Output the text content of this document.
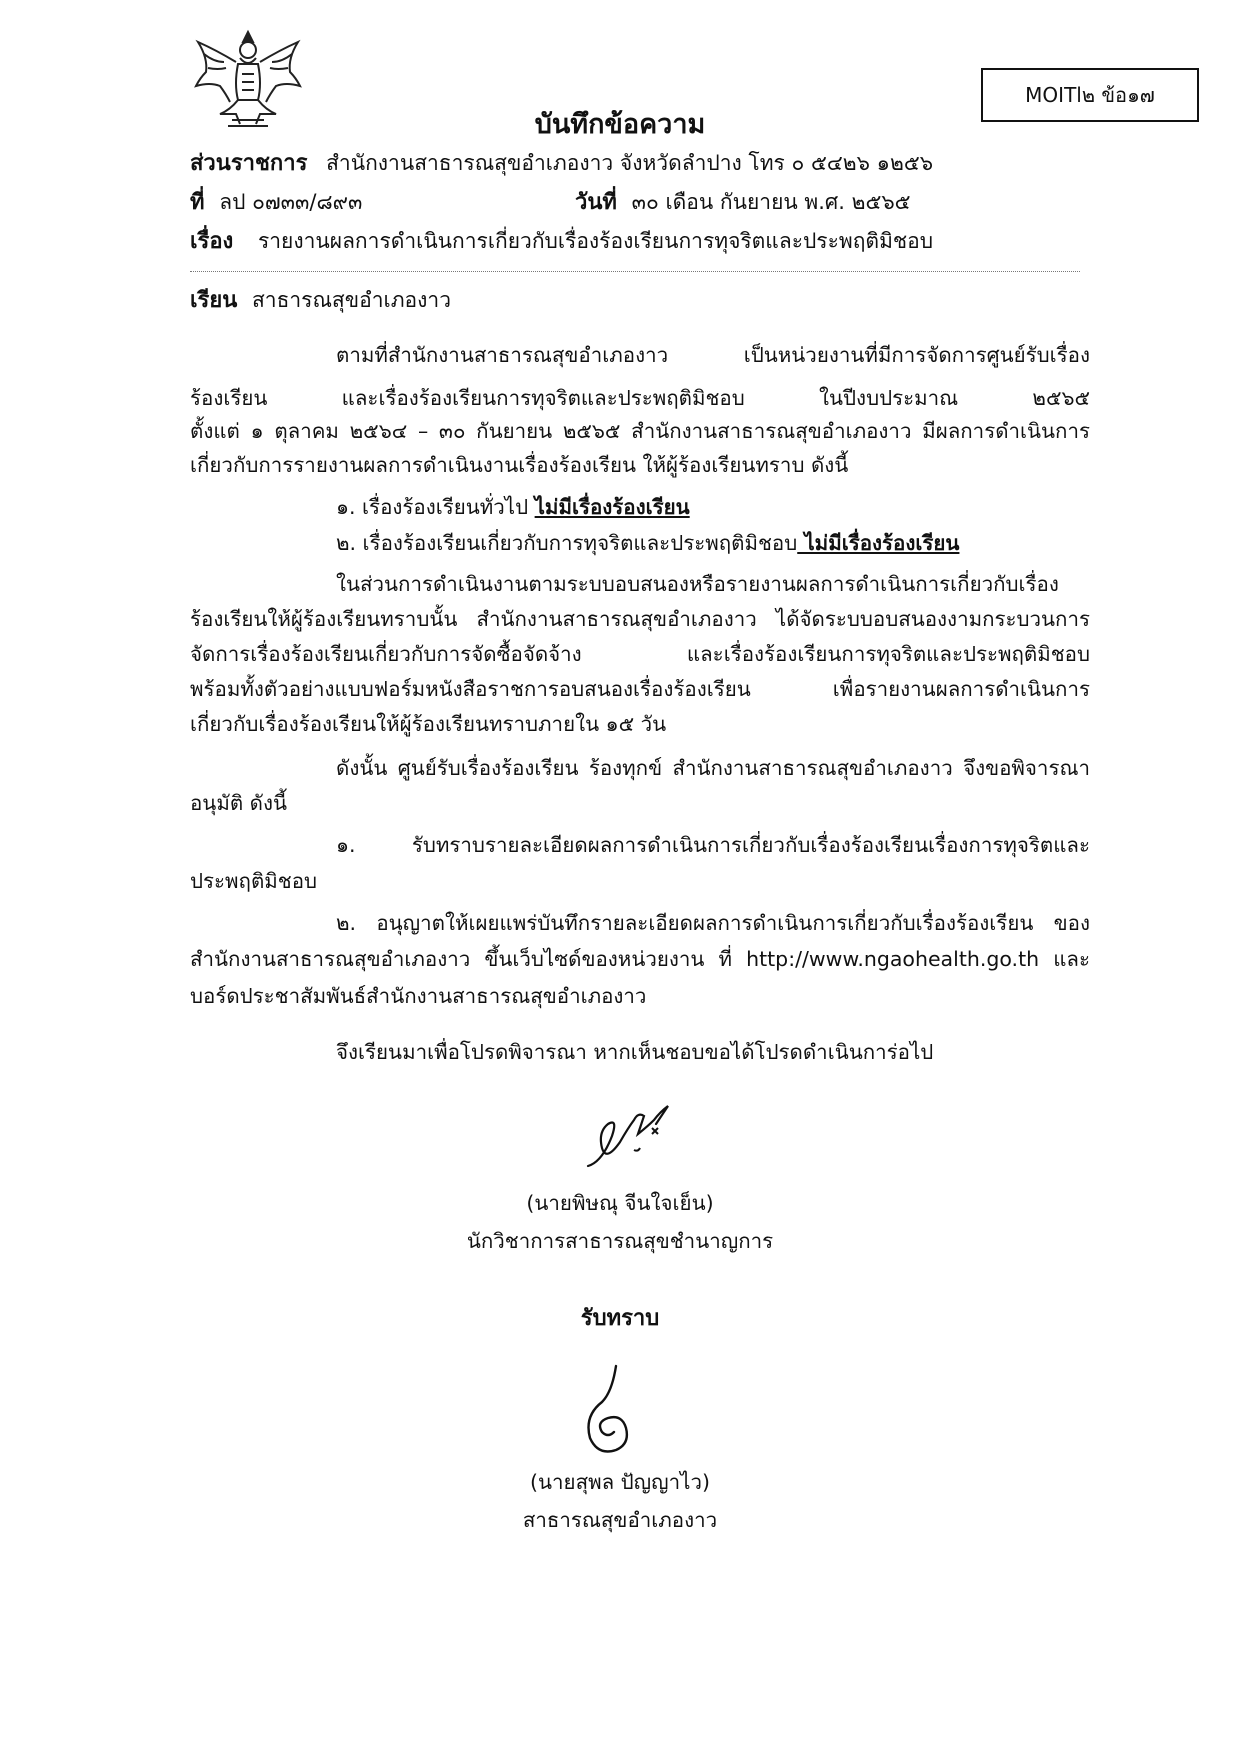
MOITl๒ ข้อ๑๗
บันทึกข้อความ
ส่วนราชการ สำนักงานสาธารณสุขอำเภองาว จังหวัดลำปาง โทร ๐ ๕๔๒๖ ๑๒๕๖
ที่ ลป ๐๗๓๓/๘๙๓	วันที่ ๓๐ เดือน กันยายน พ.ศ. ๒๕๖๕
เรื่อง รายงานผลการดำเนินการเกี่ยวกับเรื่องร้องเรียนการทุจริตและประพฤติมิชอบ
เรียน สาธารณสุขอำเภองาว
ตามที่สำนักงานสาธารณสุขอำเภองาว เป็นหน่วยงานที่มีการจัดการศูนย์รับเรื่อง
ร้องเรียน และเรื่องร้องเรียนการทุจริตและประพฤติมิชอบ ในปีงบประมาณ ๒๕๖๕
ตั้งแต่ ๑ ตุลาคม ๒๕๖๔ – ๓๐ กันยายน ๒๕๖๕ สำนักงานสาธารณสุขอำเภองาว มีผลการดำเนินการ
เกี่ยวกับการรายงานผลการดำเนินงานเรื่องร้องเรียน ให้ผู้ร้องเรียนทราบ ดังนี้
๑. เรื่องร้องเรียนทั่วไป ไม่มีเรื่องร้องเรียน
๒. เรื่องร้องเรียนเกี่ยวกับการทุจริตและประพฤติมิชอบ ไม่มีเรื่องร้องเรียน
ในส่วนการดำเนินงานตามระบบอบสนองหรือรายงานผลการดำเนินการเกี่ยวกับเรื่อง
ร้องเรียนให้ผู้ร้องเรียนทราบนั้น สำนักงานสาธารณสุขอำเภองาว ได้จัดระบบอบสนองงามกระบวนการ
จัดการเรื่องร้องเรียนเกี่ยวกับการจัดซื้อจัดจ้าง และเรื่องร้องเรียนการทุจริตและประพฤติมิชอบ
พร้อมทั้งตัวอย่างแบบฟอร์มหนังสือราชการอบสนองเรื่องร้องเรียน เพื่อรายงานผลการดำเนินการ
เกี่ยวกับเรื่องร้องเรียนให้ผู้ร้องเรียนทราบภายใน ๑๕ วัน
ดังนั้น ศูนย์รับเรื่องร้องเรียน ร้องทุกข์ สำนักงานสาธารณสุขอำเภองาว จึงขอพิจารณา
อนุมัติ ดังนี้
๑. รับทราบรายละเอียดผลการดำเนินการเกี่ยวกับเรื่องร้องเรียนเรื่องการทุจริตและ
ประพฤติมิชอบ
๒. อนุญาตให้เผยแพร่บันทึกรายละเอียดผลการดำเนินการเกี่ยวกับเรื่องร้องเรียน ของ
สำนักงานสาธารณสุขอำเภองาว ขึ้นเว็บไซด์ของหน่วยงาน ที่ http://www.ngaohealth.go.th และ
บอร์ดประชาสัมพันธ์สำนักงานสาธารณสุขอำเภองาว
จึงเรียนมาเพื่อโปรดพิจารณา หากเห็นชอบขอได้โปรดดำเนินการ่อไป
(นายพิษณุ จีนใจเย็น)
นักวิชาการสาธารณสุขชำนาญการ
รับทราบ
(นายสุพล ปัญญาไว)
สาธารณสุขอำเภองาว
